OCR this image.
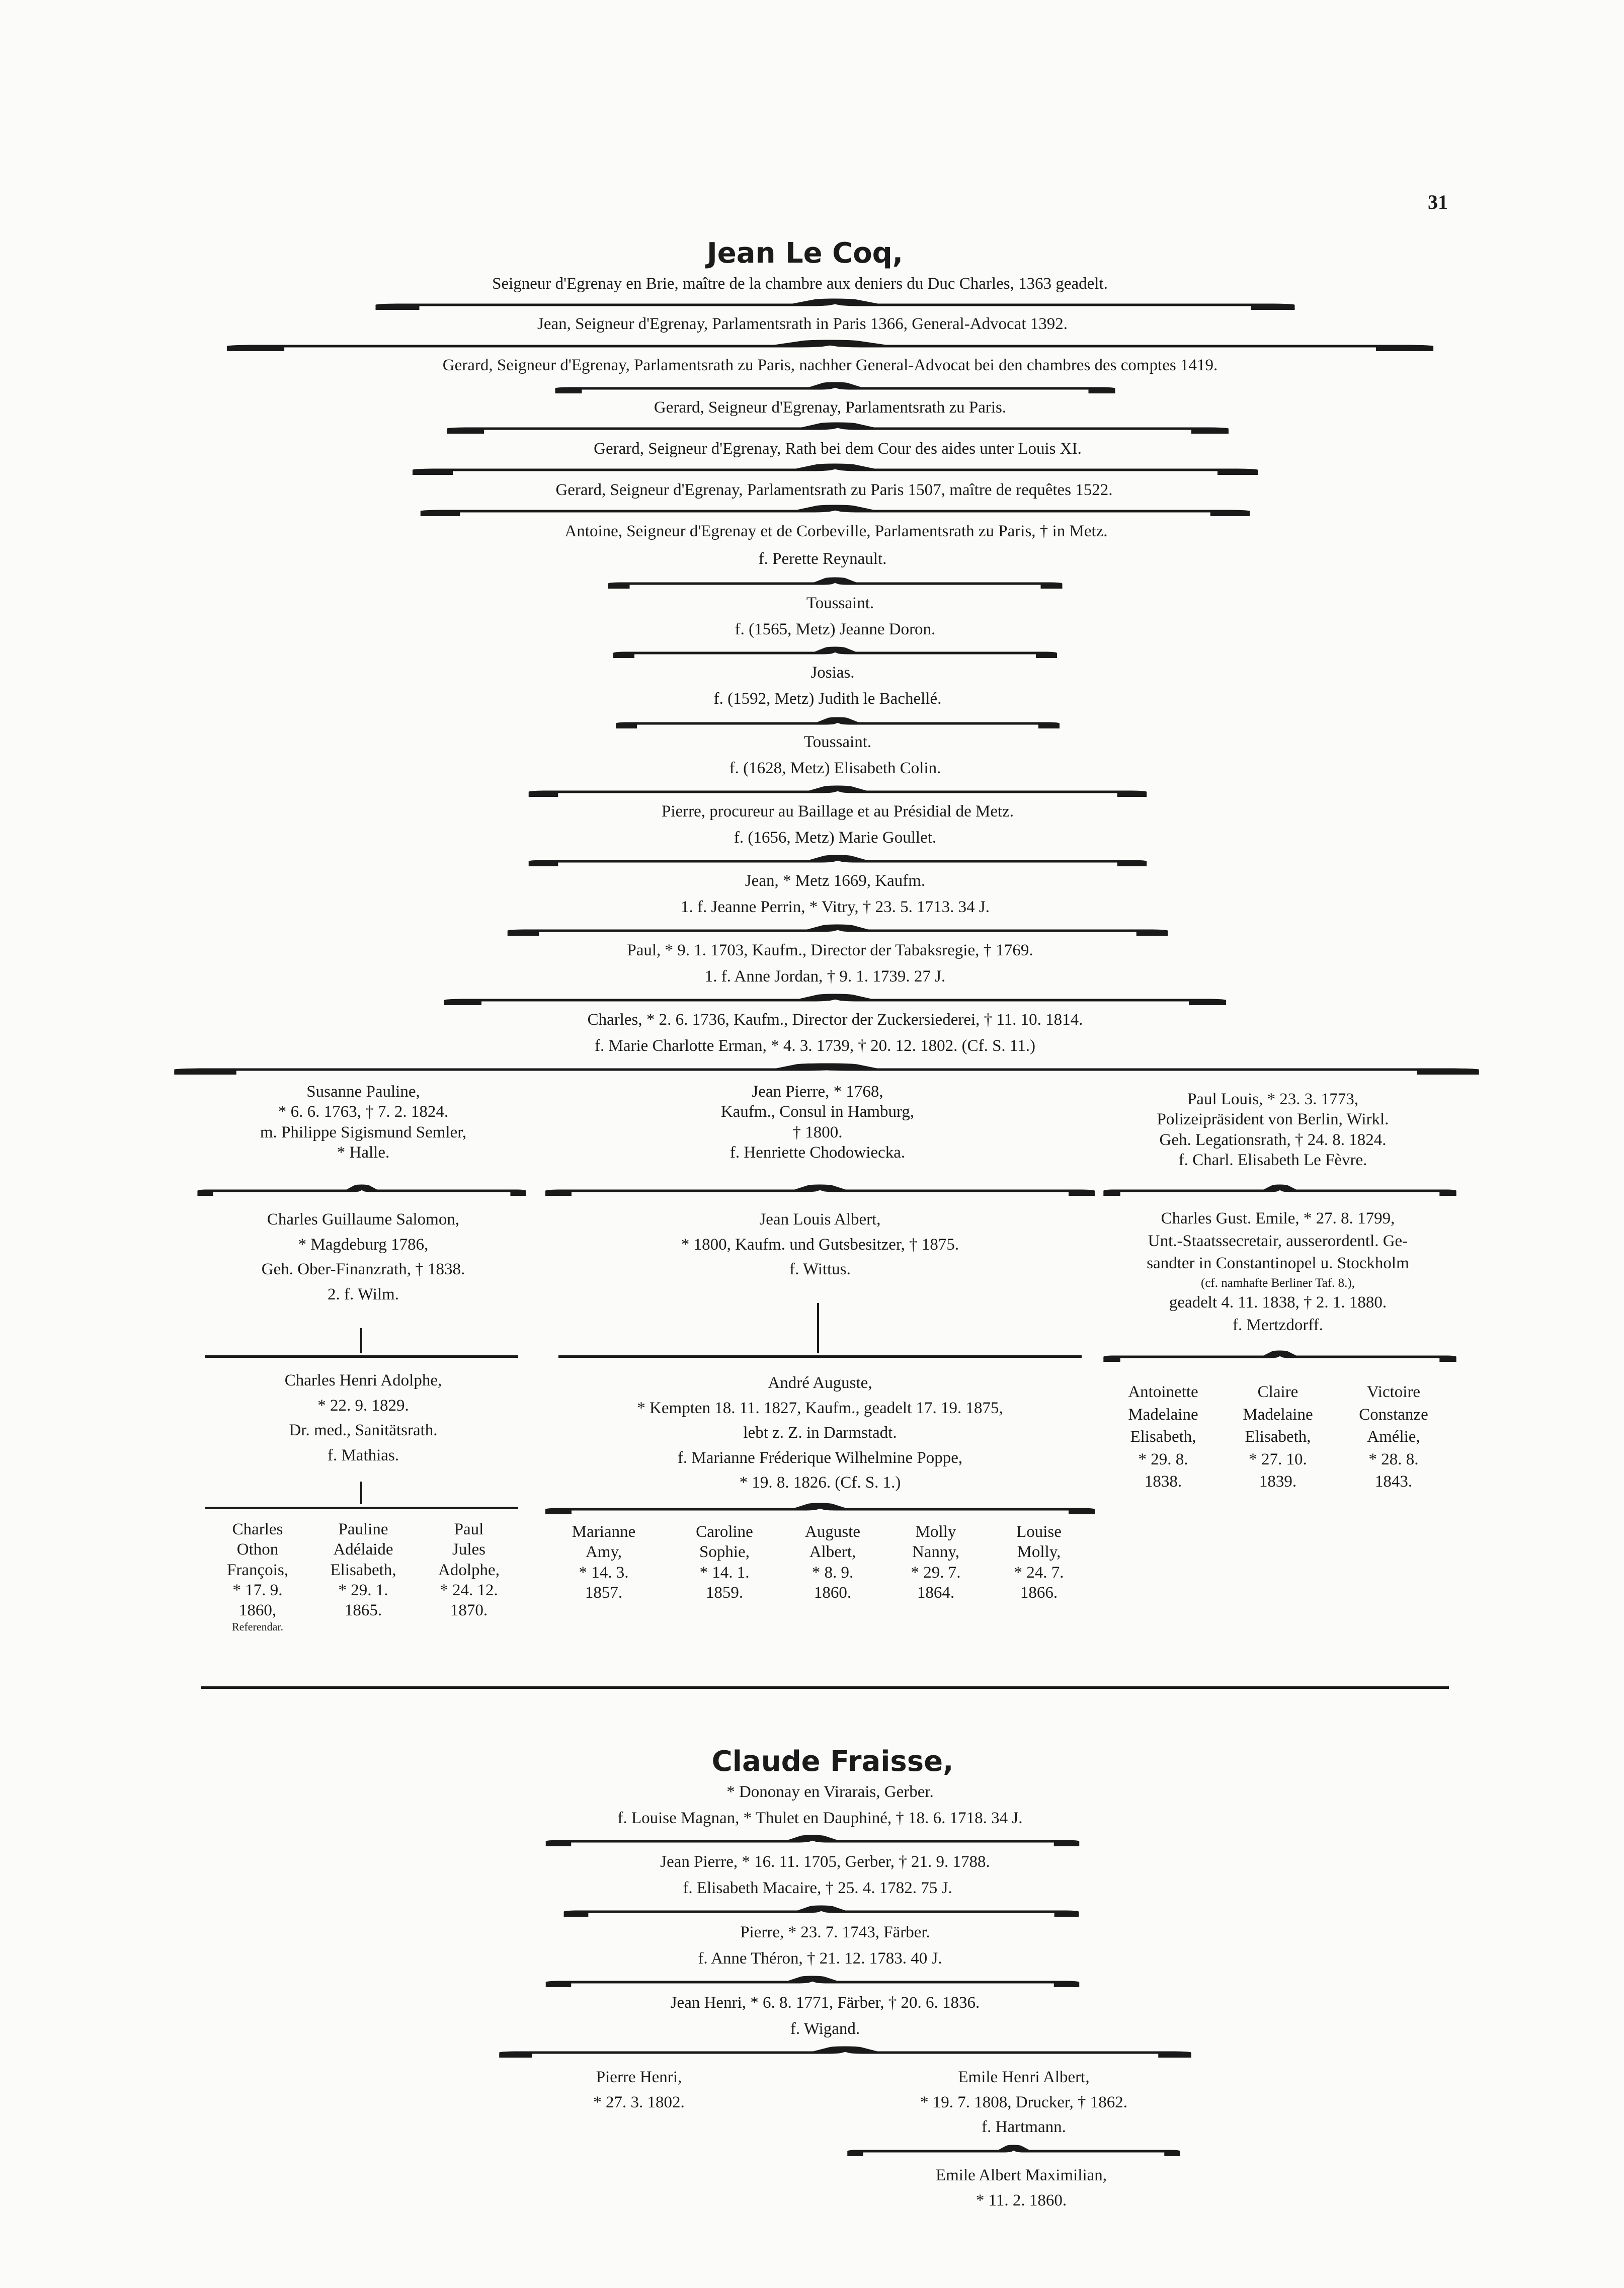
31
Jean Le Coq,
Seigneur d'Egrenay en Brie, maître de la chambre aux deniers du Duc Charles, 1363 geadelt.
Jean, Seigneur d'Egrenay, Parlamentsrath in Paris 1366, General-Advocat 1392.
Gerard, Seigneur d'Egrenay, Parlamentsrath zu Paris, nachher General-Advocat bei den chambres des comptes 1419.
Gerard, Seigneur d'Egrenay, Parlamentsrath zu Paris.
Gerard, Seigneur d'Egrenay, Rath bei dem Cour des aides unter Louis XI.
Gerard, Seigneur d'Egrenay, Parlamentsrath zu Paris 1507, maître de requêtes 1522.
Antoine, Seigneur d'Egrenay et de Corbeville, Parlamentsrath zu Paris, † in Metz.
f. Perette Reynault.
Toussaint.
f. (1565, Metz) Jeanne Doron.
Josias.
f. (1592, Metz) Judith le Bachellé.
Toussaint.
f. (1628, Metz) Elisabeth Colin.
Pierre, procureur au Baillage et au Présidial de Metz.
f. (1656, Metz) Marie Goullet.
Jean, * Metz 1669, Kaufm.
1. f. Jeanne Perrin, * Vitry, † 23. 5. 1713. 34 J.
Paul, * 9. 1. 1703, Kaufm., Director der Tabaksregie, † 1769.
1. f. Anne Jordan, † 9. 1. 1739. 27 J.
Charles, * 2. 6. 1736, Kaufm., Director der Zuckersiederei, † 11. 10. 1814.
f. Marie Charlotte Erman, * 4. 3. 1739, † 20. 12. 1802. (Cf. S. 11.)
Susanne Pauline,
* 6. 6. 1763, † 7. 2. 1824.
m. Philippe Sigismund Semler,
* Halle.
Charles Guillaume Salomon,
* Magdeburg 1786,
Geh. Ober-Finanzrath, † 1838.
2. f. Wilm.
Charles Henri Adolphe,
* 22. 9. 1829.
Dr. med., Sanitätsrath.
f. Mathias.
Charles
Othon
François,
* 17. 9.
1860,
Referendar.
Pauline
Adélaide
Elisabeth,
* 29. 1.
1865.
Paul
Jules
Adolphe,
* 24. 12.
1870.
Jean Pierre, * 1768,
Kaufm., Consul in Hamburg,
† 1800.
f. Henriette Chodowiecka.
Jean Louis Albert,
* 1800, Kaufm. und Gutsbesitzer, † 1875.
f. Wittus.
André Auguste,
* Kempten 18. 11. 1827, Kaufm., geadelt 17. 19. 1875,
lebt z. Z. in Darmstadt.
f. Marianne Fréderique Wilhelmine Poppe,
* 19. 8. 1826. (Cf. S. 1.)
Marianne
Amy,
* 14. 3.
1857.
Caroline
Sophie,
* 14. 1.
1859.
Auguste
Albert,
* 8. 9.
1860.
Molly
Nanny,
* 29. 7.
1864.
Louise
Molly,
* 24. 7.
1866.
Paul Louis, * 23. 3. 1773,
Polizeipräsident von Berlin, Wirkl.
Geh. Legationsrath, † 24. 8. 1824.
f. Charl. Elisabeth Le Fèvre.
Charles Gust. Emile, * 27. 8. 1799,
Unt.-Staatssecretair, ausserordentl. Ge-
sandter in Constantinopel u. Stockholm
(cf. namhafte Berliner Taf. 8.),
geadelt 4. 11. 1838, † 2. 1. 1880.
f. Mertzdorff.
Antoinette
Madelaine
Elisabeth,
* 29. 8.
1838.
Claire
Madelaine
Elisabeth,
* 27. 10.
1839.
Victoire
Constanze
Amélie,
* 28. 8.
1843.
Claude Fraisse,
* Dononay en Virarais, Gerber.
f. Louise Magnan, * Thulet en Dauphiné, † 18. 6. 1718. 34 J.
Jean Pierre, * 16. 11. 1705, Gerber, † 21. 9. 1788.
f. Elisabeth Macaire, † 25. 4. 1782. 75 J.
Pierre, * 23. 7. 1743, Färber.
f. Anne Théron, † 21. 12. 1783. 40 J.
Jean Henri, * 6. 8. 1771, Färber, † 20. 6. 1836.
f. Wigand.
Pierre Henri,
* 27. 3. 1802.
Emile Henri Albert,
* 19. 7. 1808, Drucker, † 1862.
f. Hartmann.
Emile Albert Maximilian,
* 11. 2. 1860.
